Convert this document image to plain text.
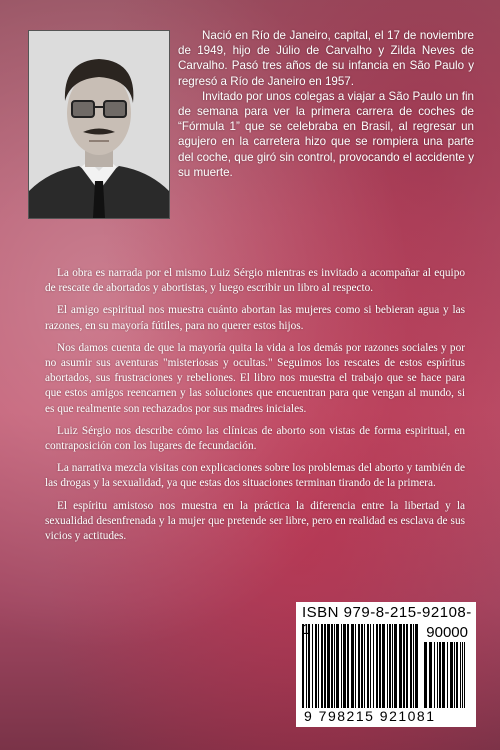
Nació en Río de Janeiro, capital, el 17 de noviembre de 1949, hijo de Júlio de Carvalho y Zilda Neves de Carvalho. Pasó tres años de su infancia en São Paulo y regresó a Río de Janeiro en 1957.

Invitado por unos colegas a viajar a São Paulo un fin de semana para ver la primera carrera de coches de “Fórmula 1” que se celebraba en Brasil, al regresar un agujero en la carretera hizo que se rompiera una parte del coche, que giró sin control, provocando el accidente y su muerte.

La obra es narrada por el mismo Luiz Sérgio mientras es invitado a acompañar al equipo de rescate de abortados y abortistas, y luego escribir un libro al respecto.

El amigo espiritual nos muestra cuánto abortan las mujeres como si bebieran agua y las razones, en su mayoría fútiles, para no querer estos hijos.

Nos damos cuenta de que la mayoría quita la vida a los demás por razones sociales y por no asumir sus aventuras "misteriosas y ocultas." Seguimos los rescates de estos espíritus abortados, sus frustraciones y rebeliones. El libro nos muestra el trabajo que se hace para que estos amigos reencarnen y las soluciones que encuentran para que vengan al mundo, si es que realmente son rechazados por sus madres iniciales.

Luiz Sérgio nos describe cómo las clínicas de aborto son vistas de forma espiritual, en contraposición con los lugares de fecundación.

La narrativa mezcla visitas con explicaciones sobre los problemas del aborto y también de las drogas y la sexualidad, ya que estas dos situaciones terminan tirando de la primera.

El espíritu amistoso nos muestra en la práctica la diferencia entre la libertad y la sexualidad desenfrenada y la mujer que pretende ser libre, pero en realidad es esclava de sus vicios y actitudes.

ISBN 979-8-215-92108-1	90000
9 798215 921081
